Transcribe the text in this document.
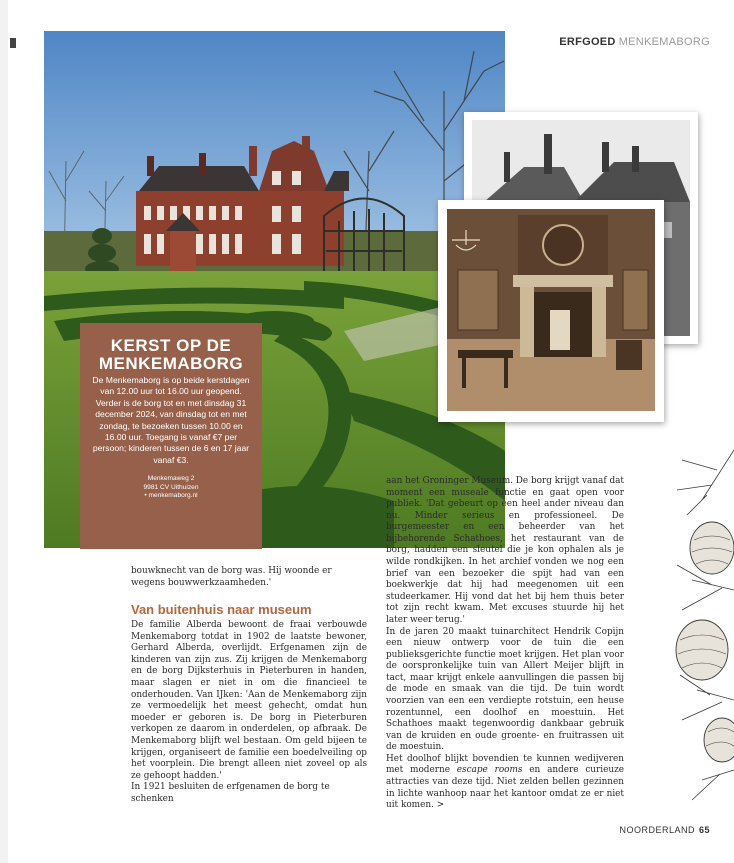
ERFGOED MENKEMABORG
KERST OP DE
MENKEMABORG
De Menkemaborg is op beide kerstdagen van 12.00 uur tot 16.00 uur geopend. Verder is de borg tot en met dinsdag 31 december 2024, van dinsdag tot en met zondag, te bezoeken tussen 10.00 en 16.00 uur. Toegang is vanaf €7 per persoon; kinderen tussen de 6 en 17 jaar vanaf €3.
Menkemaweg 2
9981 CV Uithuizen
• menkemaborg.nl

bouwknecht van de borg was. Hij woonde er wegens bouwwerkzaamheden.'

Van buitenhuis naar museum

De familie Alberda bewoont de fraai verbouwde Menkemaborg totdat in 1902 de laatste bewoner, Gerhard Alberda, overlijdt. Erfgenamen zijn de kinderen van zijn zus. Zij krijgen de Menkemaborg en de borg Dijksterhuis in Pieterburen in handen, maar slagen er niet in om die financieel te onderhouden. Van IJken: 'Aan de Menkemaborg zijn ze vermoedelijk het meest gehecht, omdat hun moeder er geboren is. De borg in Pieterburen verkopen ze daarom in onderdelen, op afbraak. De Menkemaborg blijft wel bestaan. Om geld bijeen te krijgen, organiseert de familie een boedelveiling op het voorplein. Die brengt alleen niet zoveel op als ze gehoopt hadden.'

In 1921 besluiten de erfgenamen de borg te schenken

aan het Groninger Museum. De borg krijgt vanaf dat moment een museale functie en gaat open voor publiek. 'Dat gebeurt op een heel ander niveau dan nu. Minder serieus en professioneel. De burgemeester en een beheerder van het bijbehorende Schathoes, het restaurant van de borg, hadden een sleutel die je kon ophalen als je wilde rondkijken. In het archief vonden we nog een brief van een bezoeker die spijt had van een boekwerkje dat hij had meegenomen uit een studeerkamer. Hij vond dat het bij hem thuis beter tot zijn recht kwam. Met excuses stuurde hij het later weer terug.'

In de jaren 20 maakt tuinarchitect Hendrik Copijn een nieuw ontwerp voor de tuin die een publieksgerichte functie moet krijgen. Het plan voor de oorspronkelijke tuin van Allert Meijer blijft in tact, maar krijgt enkele aanvullingen die passen bij de mode en smaak van die tijd. De tuin wordt voorzien van een een verdiepte rotstuin, een heuse rozentunnel, een doolhof en moestuin. Het Schathoes maakt tegenwoordig dankbaar gebruik van de kruiden en oude groente- en fruitrassen uit de moestuin.

Het doolhof blijkt bovendien te kunnen wedijveren met moderne escape rooms en andere curieuze attracties van deze tijd. Niet zelden bellen gezinnen in lichte wanhoop naar het kantoor omdat ze er niet uit komen. >

NOORDERLAND 65
